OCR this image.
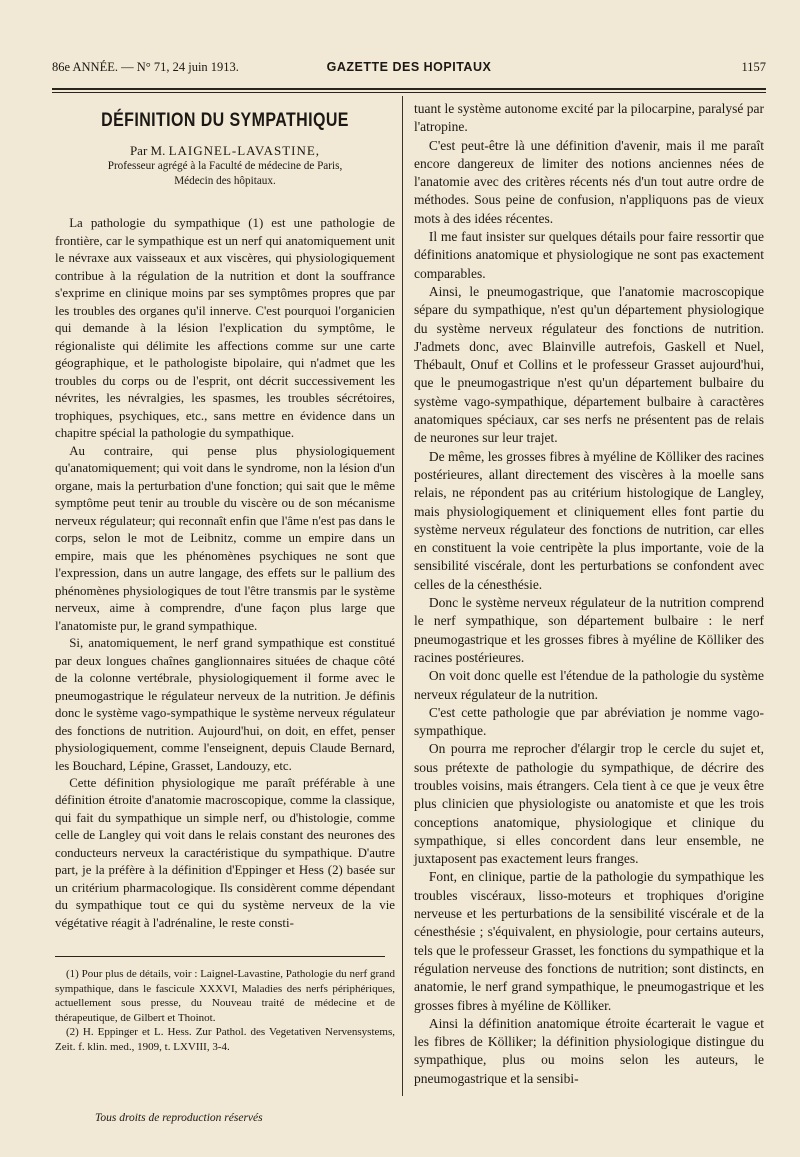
86e ANNÉE. — N° 71, 24 juin 1913.	GAZETTE DES HOPITAUX	1157
DÉFINITION DU SYMPATHIQUE
Par M. LAIGNEL-LAVASTINE,
Professeur agrégé à la Faculté de médecine de Paris,
Médecin des hôpitaux.

La pathologie du sympathique (1) est une pathologie de frontière, car le sympathique est un nerf qui anatomiquement unit le névraxe aux vaisseaux et aux viscères, qui physiologiquement contribue à la régulation de la nutrition et dont la souffrance s'exprime en clinique moins par ses symptômes propres que par les troubles des organes qu'il innerve. C'est pourquoi l'organicien qui demande à la lésion l'explication du symptôme, le régionaliste qui délimite les affections comme sur une carte géographique, et le pathologiste bipolaire, qui n'admet que les troubles du corps ou de l'esprit, ont décrit successivement les névrites, les névralgies, les spasmes, les troubles sécrétoires, trophiques, psychiques, etc., sans mettre en évidence dans un chapitre spécial la pathologie du sympathique.

Au contraire, qui pense plus physiologiquement qu'anatomiquement; qui voit dans le syndrome, non la lésion d'un organe, mais la perturbation d'une fonction; qui sait que le même symptôme peut tenir au trouble du viscère ou de son mécanisme nerveux régulateur; qui reconnaît enfin que l'âme n'est pas dans le corps, selon le mot de Leibnitz, comme un empire dans un empire, mais que les phénomènes psychiques ne sont que l'expression, dans un autre langage, des effets sur le pallium des phénomènes physiologiques de tout l'être transmis par le système nerveux, aime à comprendre, d'une façon plus large que l'anatomiste pur, le grand sympathique.

Si, anatomiquement, le nerf grand sympathique est constitué par deux longues chaînes ganglionnaires situées de chaque côté de la colonne vertébrale, physiologiquement il forme avec le pneumogastrique le régulateur nerveux de la nutrition. Je définis donc le système vago-sympathique le système nerveux régulateur des fonctions de nutrition. Aujourd'hui, on doit, en effet, penser physiologiquement, comme l'enseignent, depuis Claude Bernard, les Bouchard, Lépine, Grasset, Landouzy, etc.

Cette définition physiologique me paraît préférable à une définition étroite d'anatomie macroscopique, comme la classique, qui fait du sympathique un simple nerf, ou d'histologie, comme celle de Langley qui voit dans le relais constant des neurones des conducteurs nerveux la caractéristique du sympathique. D'autre part, je la préfère à la définition d'Eppinger et Hess (2) basée sur un critérium pharmacologique. Ils considèrent comme dépendant du sympathique tout ce qui du système nerveux de la vie végétative réagit à l'adrénaline, le reste consti-

(1) Pour plus de détails, voir : Laignel-Lavastine, Pathologie du nerf grand sympathique, dans le fascicule XXXVI, Maladies des nerfs périphériques, actuellement sous presse, du Nouveau traité de médecine et de thérapeutique, de Gilbert et Thoinot.
(2) H. Eppinger et L. Hess. Zur Pathol. des Vegetativen Nervensystems, Zeit. f. klin. med., 1909, t. LXVIII, 3-4.

tuant le système autonome excité par la pilocarpine, paralysé par l'atropine.

C'est peut-être là une définition d'avenir, mais il me paraît encore dangereux de limiter des notions anciennes nées de l'anatomie avec des critères récents nés d'un tout autre ordre de méthodes. Sous peine de confusion, n'appliquons pas de vieux mots à des idées récentes.

Il me faut insister sur quelques détails pour faire ressortir que définitions anatomique et physiologique ne sont pas exactement comparables.

Ainsi, le pneumogastrique, que l'anatomie macroscopique sépare du sympathique, n'est qu'un département physiologique du système nerveux régulateur des fonctions de nutrition. J'admets donc, avec Blainville autrefois, Gaskell et Nuel, Thébault, Onuf et Collins et le professeur Grasset aujourd'hui, que le pneumogastrique n'est qu'un département bulbaire du système vago-sympathique, département bulbaire à caractères anatomiques spéciaux, car ses nerfs ne présentent pas de relais de neurones sur leur trajet.

De même, les grosses fibres à myéline de Kölliker des racines postérieures, allant directement des viscères à la moelle sans relais, ne répondent pas au critérium histologique de Langley, mais physiologiquement et cliniquement elles font partie du système nerveux régulateur des fonctions de nutrition, car elles en constituent la voie centripète la plus importante, voie de la sensibilité viscérale, dont les perturbations se confondent avec celles de la cénesthésie.

Donc le système nerveux régulateur de la nutrition comprend le nerf sympathique, son département bulbaire : le nerf pneumogastrique et les grosses fibres à myéline de Kölliker des racines postérieures.

On voit donc quelle est l'étendue de la pathologie du système nerveux régulateur de la nutrition.

C'est cette pathologie que par abréviation je nomme vago-sympathique.

On pourra me reprocher d'élargir trop le cercle du sujet et, sous prétexte de pathologie du sympathique, de décrire des troubles voisins, mais étrangers. Cela tient à ce que je veux être plus clinicien que physiologiste ou anatomiste et que les trois conceptions anatomique, physiologique et clinique du sympathique, si elles concordent dans leur ensemble, ne juxtaposent pas exactement leurs franges.

Font, en clinique, partie de la pathologie du sympathique les troubles viscéraux, lisso-moteurs et trophiques d'origine nerveuse et les perturbations de la sensibilité viscérale et de la cénesthésie ; s'équivalent, en physiologie, pour certains auteurs, tels que le professeur Grasset, les fonctions du sympathique et la régulation nerveuse des fonctions de nutrition; sont distincts, en anatomie, le nerf grand sympathique, le pneumogastrique et les grosses fibres à myéline de Kölliker.

Ainsi la définition anatomique étroite écarterait le vague et les fibres de Kölliker; la définition physiologique distingue du sympathique, plus ou moins selon les auteurs, le pneumogastrique et la sensibi-

Tous droits de reproduction réservés
